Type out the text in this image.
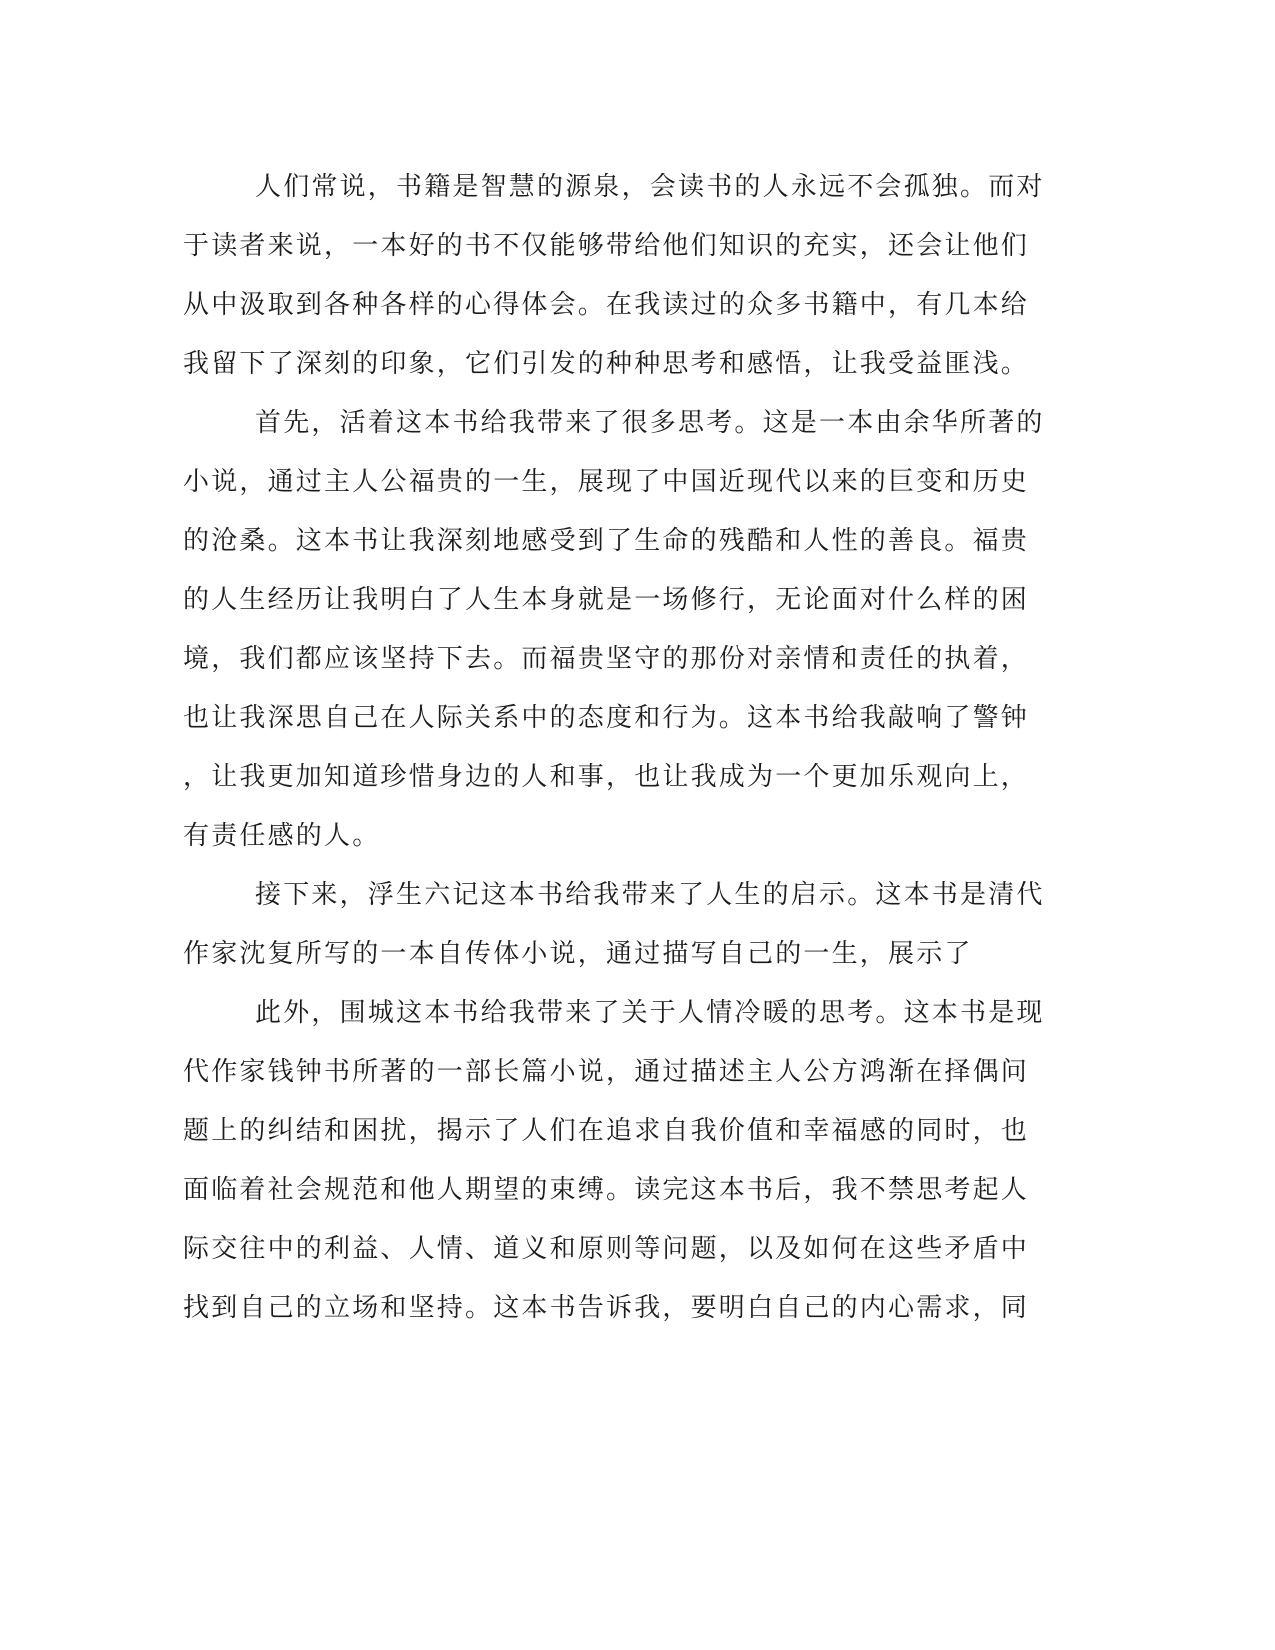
人们常说，书籍是智慧的源泉，会读书的人永远不会孤独。而对
于读者来说，一本好的书不仅能够带给他们知识的充实，还会让他们
从中汲取到各种各样的心得体会。在我读过的众多书籍中，有几本给
我留下了深刻的印象，它们引发的种种思考和感悟，让我受益匪浅。
首先，活着这本书给我带来了很多思考。这是一本由余华所著的
小说，通过主人公福贵的一生，展现了中国近现代以来的巨变和历史
的沧桑。这本书让我深刻地感受到了生命的残酷和人性的善良。福贵
的人生经历让我明白了人生本身就是一场修行，无论面对什么样的困
境，我们都应该坚持下去。而福贵坚守的那份对亲情和责任的执着，
也让我深思自己在人际关系中的态度和行为。这本书给我敲响了警钟
，让我更加知道珍惜身边的人和事，也让我成为一个更加乐观向上，
有责任感的人。
接下来，浮生六记这本书给我带来了人生的启示。这本书是清代
作家沈复所写的一本自传体小说，通过描写自己的一生，展示了
此外，围城这本书给我带来了关于人情冷暖的思考。这本书是现
代作家钱钟书所著的一部长篇小说，通过描述主人公方鸿渐在择偶问
题上的纠结和困扰，揭示了人们在追求自我价值和幸福感的同时，也
面临着社会规范和他人期望的束缚。读完这本书后，我不禁思考起人
际交往中的利益、人情、道义和原则等问题，以及如何在这些矛盾中
找到自己的立场和坚持。这本书告诉我，要明白自己的内心需求，同
